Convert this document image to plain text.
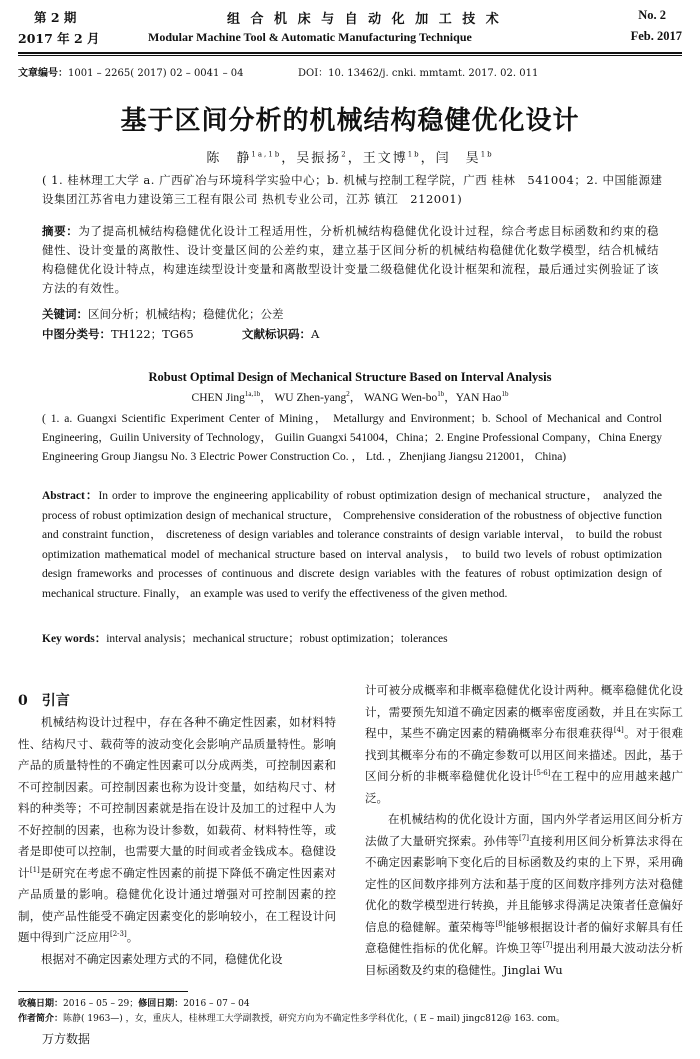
第 2 期
2017 年 2 月
组 合 机 床 与 自 动 化 加 工 技 术
Modular Machine Tool & Automatic Manufacturing Technique
No. 2
Feb. 2017
文章编号：1001 – 2265( 2017) 02 – 0041 – 04	DOI：10. 13462/j. cnki. mmtamt. 2017. 02. 011
基于区间分析的机械结构稳健优化设计
陈　静$^{1a,1b}$，吴振扬$^2$，王文博$^{1b}$，闫　昊$^{1b}$
( 1. 桂林理工大学 a. 广西矿冶与环境科学实验中心；b. 机械与控制工程学院，广西 桂林　541004；2. 中国能源建设集团江苏省电力建设第三工程有限公司 热机专业公司，江苏 镇江　212001)
摘要：为了提高机械结构稳健优化设计工程适用性，分析机械结构稳健优化设计过程，综合考虑目标函数和约束的稳健性、设计变量的离散性、设计变量区间的公差约束，建立基于区间分析的机械结构稳健优化数学模型，结合机械结构稳健优化设计特点，构建连续型设计变量和离散型设计变量二级稳健优化设计框架和流程，最后通过实例验证了该方法的有效性。
关键词：区间分析；机械结构；稳健优化；公差
中图分类号：TH122；TG65	文献标识码：A
Robust Optimal Design of Mechanical Structure Based on Interval Analysis
CHEN Jing$^{1a,1b}$， WU Zhen-yang$^2$， WANG Wen-$bo^{1b}$，YAN Hao$^{1b}$
( 1. a. Guangxi Scientific Experiment Center of Mining， Metallurgy and Environment；b. School of Mechanical and Control Engineering，Guilin University of Technology， Guilin Guangxi 541004，China；2. Engine Professional Company，China Energy Engineering Group Jiangsu No. 3 Electric Power Construction Co. ， Ltd. ，Zhenjiang Jiangsu 212001， China)
Abstract：In order to improve the engineering applicability of robust optimization design of mechanical structure， analyzed the process of robust optimization design of mechanical structure， Comprehensive consideration of the robustness of objective function and constraint function， discreteness of design variables and tolerance constraints of design variable interval， to build the robust optimization mathematical model of mechanical structure based on interval analysis， to build two levels of robust optimization design frameworks and processes of continuous and discrete design variables with the features of robust optimization design of mechanical structure. Finally， an example was used to verify the effectiveness of the given method.
Key words：interval analysis；mechanical structure；robust optimization；tolerances
0　引言

机械结构设计过程中，存在各种不确定性因素，如材料特性、结构尺寸、载荷等的波动变化会影响产品质量特性。影响产品的质量特性的不确定性因素可以分成两类，可控制因素和不可控制因素。可控制因素也称为设计变量，如结构尺寸、材料的种类等；不可控制因素就是指在设计及加工的过程中人为不好控制的因素，也称为设计参数，如载荷、材料特性等，或者是即使可以控制，也需要大量的时间或者金钱成本。稳健设计[1]是研究在考虑不确定性因素的前提下降低不确定性因素对产品质量的影响。稳健优化设计通过增强对可控制因素的控制，使产品性能受不确定因素变化的影响较小，在工程设计问题中得到广泛应用[2-3]。

根据对不确定因素处理方式的不同，稳健优化设

计可被分成概率和非概率稳健优化设计两种。概率稳健优化设计，需要预先知道不确定因素的概率密度函数，并且在实际工程中，某些不确定因素的精确概率分布很难获得[4]。对于很难找到其概率分布的不确定参数可以用区间来描述。因此，基于区间分析的非概率稳健优化设计[5-6]在工程中的应用越来越广泛。

在机械结构的优化设计方面，国内外学者运用区间分析方法做了大量研究探索。孙伟等[7]直接利用区间分析算法求得在不确定因素影响下变化后的目标函数及约束的上下界，采用确定性的区间数序排列方法和基于度的区间数序排列方法对稳健优化的数学模型进行转换，并且能够求得满足决策者任意偏好信息的稳健解。董荣梅等[8]能够根据设计者的偏好求解具有任意稳健性指标的优化解。许焕卫等[7]提出利用最大波动法分析目标函数及约束的稳健性。Jinglai Wu

收稿日期：2016 – 05 – 29；修回日期：2016 – 07 – 04
作者简介：陈静( 1963—) ，女，重庆人，桂林理工大学副教授，研究方向为不确定性多学科优化，( E – mail) jingc812@ 163. com。
万方数据
